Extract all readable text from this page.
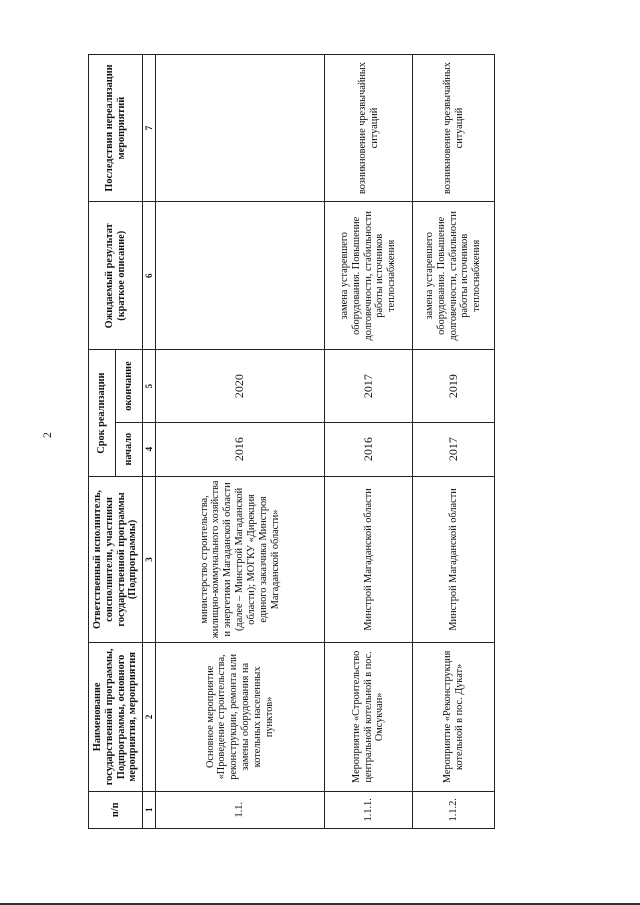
2
п/п	Наименование государственной программы, Подпрограммы, основного мероприятия, мероприятия	Ответственный исполнитель, соисполнители, участники государственной программы (Подпрограммы)	Срок реализации		Ожидаемый результат (краткое описание)	Последствия нереализации мероприятий
			начало	окончание		
1	2	3	4	5	6	7
1.1.	Основное мероприятие «Проведение строительства, реконструкции, ремонта или замены оборудования на котельных населенных пунктов»	министерство строительства, жилищно-коммунального хозяйства и энергетики Магаданской области (далее – Минстрой Магаданской области); МОГКУ «Дирекция единого заказчика Минстроя Магаданской области»	2016	2020		
1.1.1.	Мероприятие «Строительство центральной котельной в пос. Омсукчан»	Минстрой Магаданской области	2016	2017	замена устаревшего оборудования. Повышение долговечности, стабильности работы источников теплоснабжения	возникновение чрезвычайных ситуаций
1.1.2.	Мероприятие «Реконструкция котельной в пос. Дукат»	Минстрой Магаданской области	2017	2019	замена устаревшего оборудования. Повышение долговечности, стабильности работы источников теплоснабжения	возникновение чрезвычайных ситуаций
